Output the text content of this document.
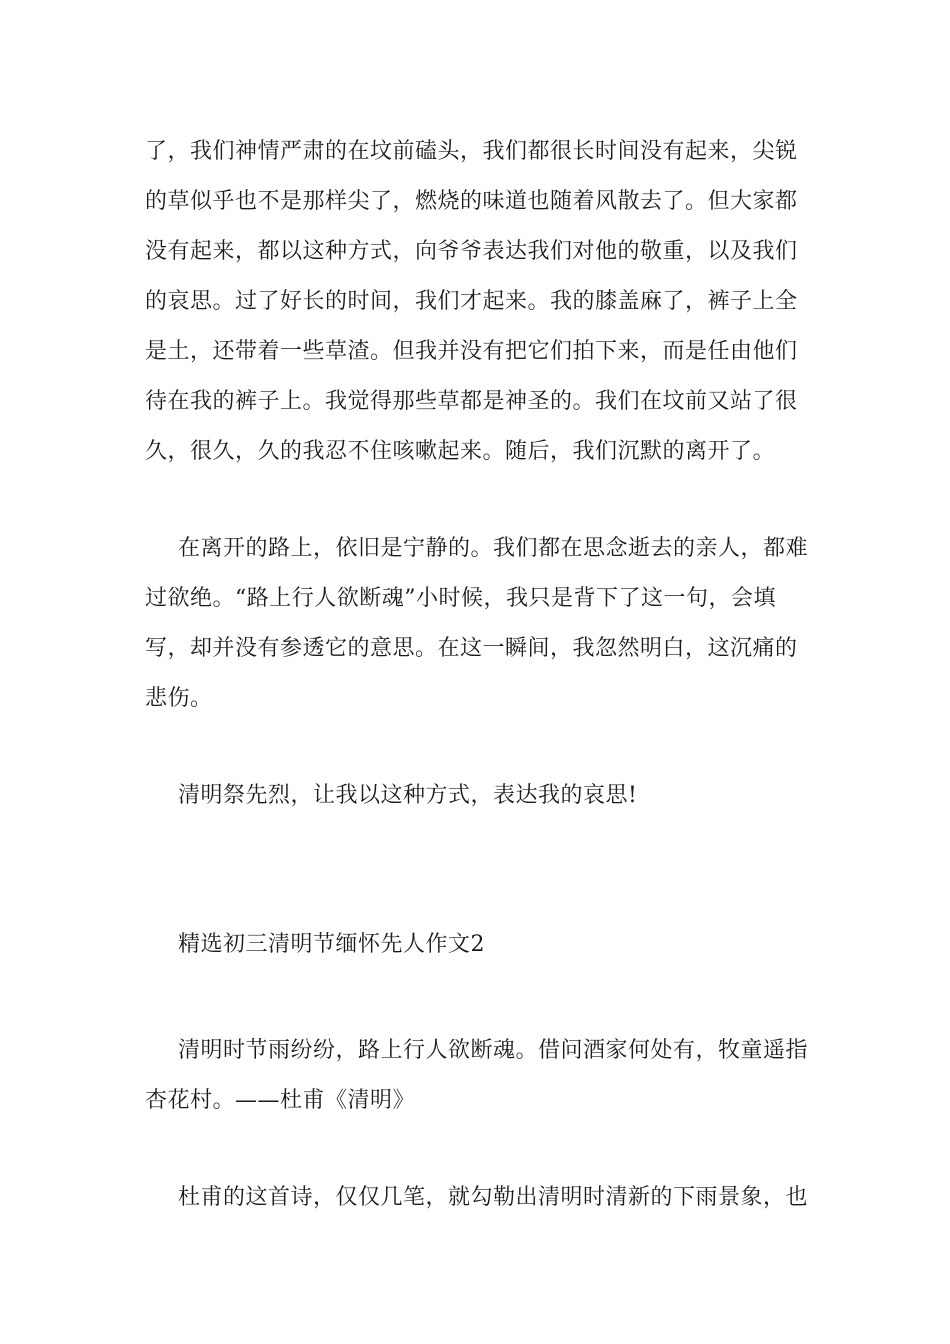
了，我们神情严肃的在坟前磕头，我们都很长时间没有起来，尖锐
的草似乎也不是那样尖了，燃烧的味道也随着风散去了。但大家都
没有起来，都以这种方式，向爷爷表达我们对他的敬重，以及我们
的哀思。过了好长的时间，我们才起来。我的膝盖麻了，裤子上全
是土，还带着一些草渣。但我并没有把它们拍下来，而是任由他们
待在我的裤子上。我觉得那些草都是神圣的。我们在坟前又站了很
久，很久，久的我忍不住咳嗽起来。随后，我们沉默的离开了。
在离开的路上，依旧是宁静的。我们都在思念逝去的亲人，都难
过欲绝。“路上行人欲断魂”小时候，我只是背下了这一句，会填
写，却并没有参透它的意思。在这一瞬间，我忽然明白，这沉痛的
悲伤。
清明祭先烈，让我以这种方式，表达我的哀思!
精选初三清明节缅怀先人作文2
清明时节雨纷纷，路上行人欲断魂。借问酒家何处有，牧童遥指
杏花村。——杜甫《清明》
杜甫的这首诗，仅仅几笔，就勾勒出清明时清新的下雨景象，也
